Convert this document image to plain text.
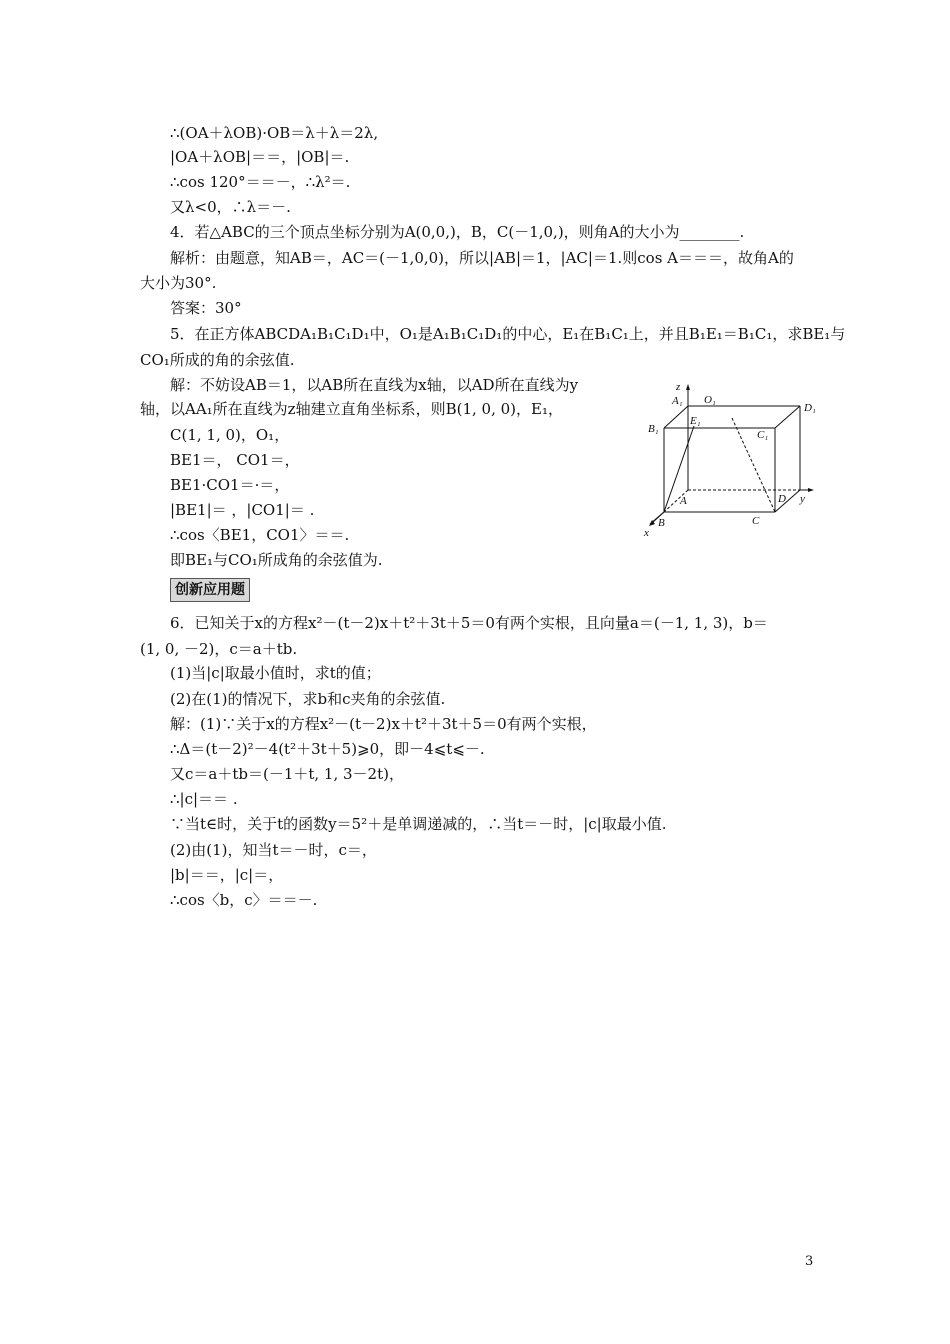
∴(OA＋λOB)·OB＝λ＋λ＝2λ,
|OA＋λOB|＝＝，|OB|＝.
∴cos 120°＝＝－，∴λ²＝.
又λ<0，∴λ＝－.
4．若△ABC的三个顶点坐标分别为A(0,0,)，B，C(－1,0,)，则角A的大小为________.
解析：由题意，知AB＝，AC＝(－1,0,0)，所以|AB|＝1，|AC|＝1.则cos A＝＝＝，故角A的
大小为30°.
答案：30°
5．在正方体ABCDA₁B₁C₁D₁中，O₁是A₁B₁C₁D₁的中心，E₁在B₁C₁上，并且B₁E₁＝B₁C₁，求BE₁与
CO₁所成的角的余弦值.
解：不妨设AB＝1，以AB所在直线为x轴，以AD所在直线为y
轴，以AA₁所在直线为z轴建立直角坐标系，则B(1, 0, 0)，E₁，
C(1, 1, 0)，O₁，
BE1＝， CO1＝，
BE1·CO1＝·＝，
|BE1|＝ ，|CO1|＝ .
∴cos〈BE1，CO1〉＝＝.
即BE₁与CO₁所成角的余弦值为.
创新应用题
6．已知关于x的方程x²－(t－2)x＋t²＋3t＋5＝0有两个实根，且向量a＝(－1, 1, 3)，b＝
(1, 0, －2)，c＝a＋tb.
(1)当|c|取最小值时，求t的值；
(2)在(1)的情况下，求b和c夹角的余弦值.
解：(1)∵关于x的方程x²－(t－2)x＋t²＋3t＋5＝0有两个实根，
∴Δ＝(t－2)²－4(t²＋3t＋5)⩾0，即－4⩽t⩽－.
又c＝a＋tb＝(－1＋t, 1, 3－2t)，
∴|c|＝＝ .
∵当t∈时，关于t的函数y＝5²＋是单调递减的，∴当t＝－时，|c|取最小值.
(2)由(1)，知当t＝－时，c＝，
|b|＝＝，|c|＝，
∴cos〈b，c〉＝＝－.
z
A₁ O₁
D₁
B₁
E₁
C₁
A	D y
B	C
x
3
